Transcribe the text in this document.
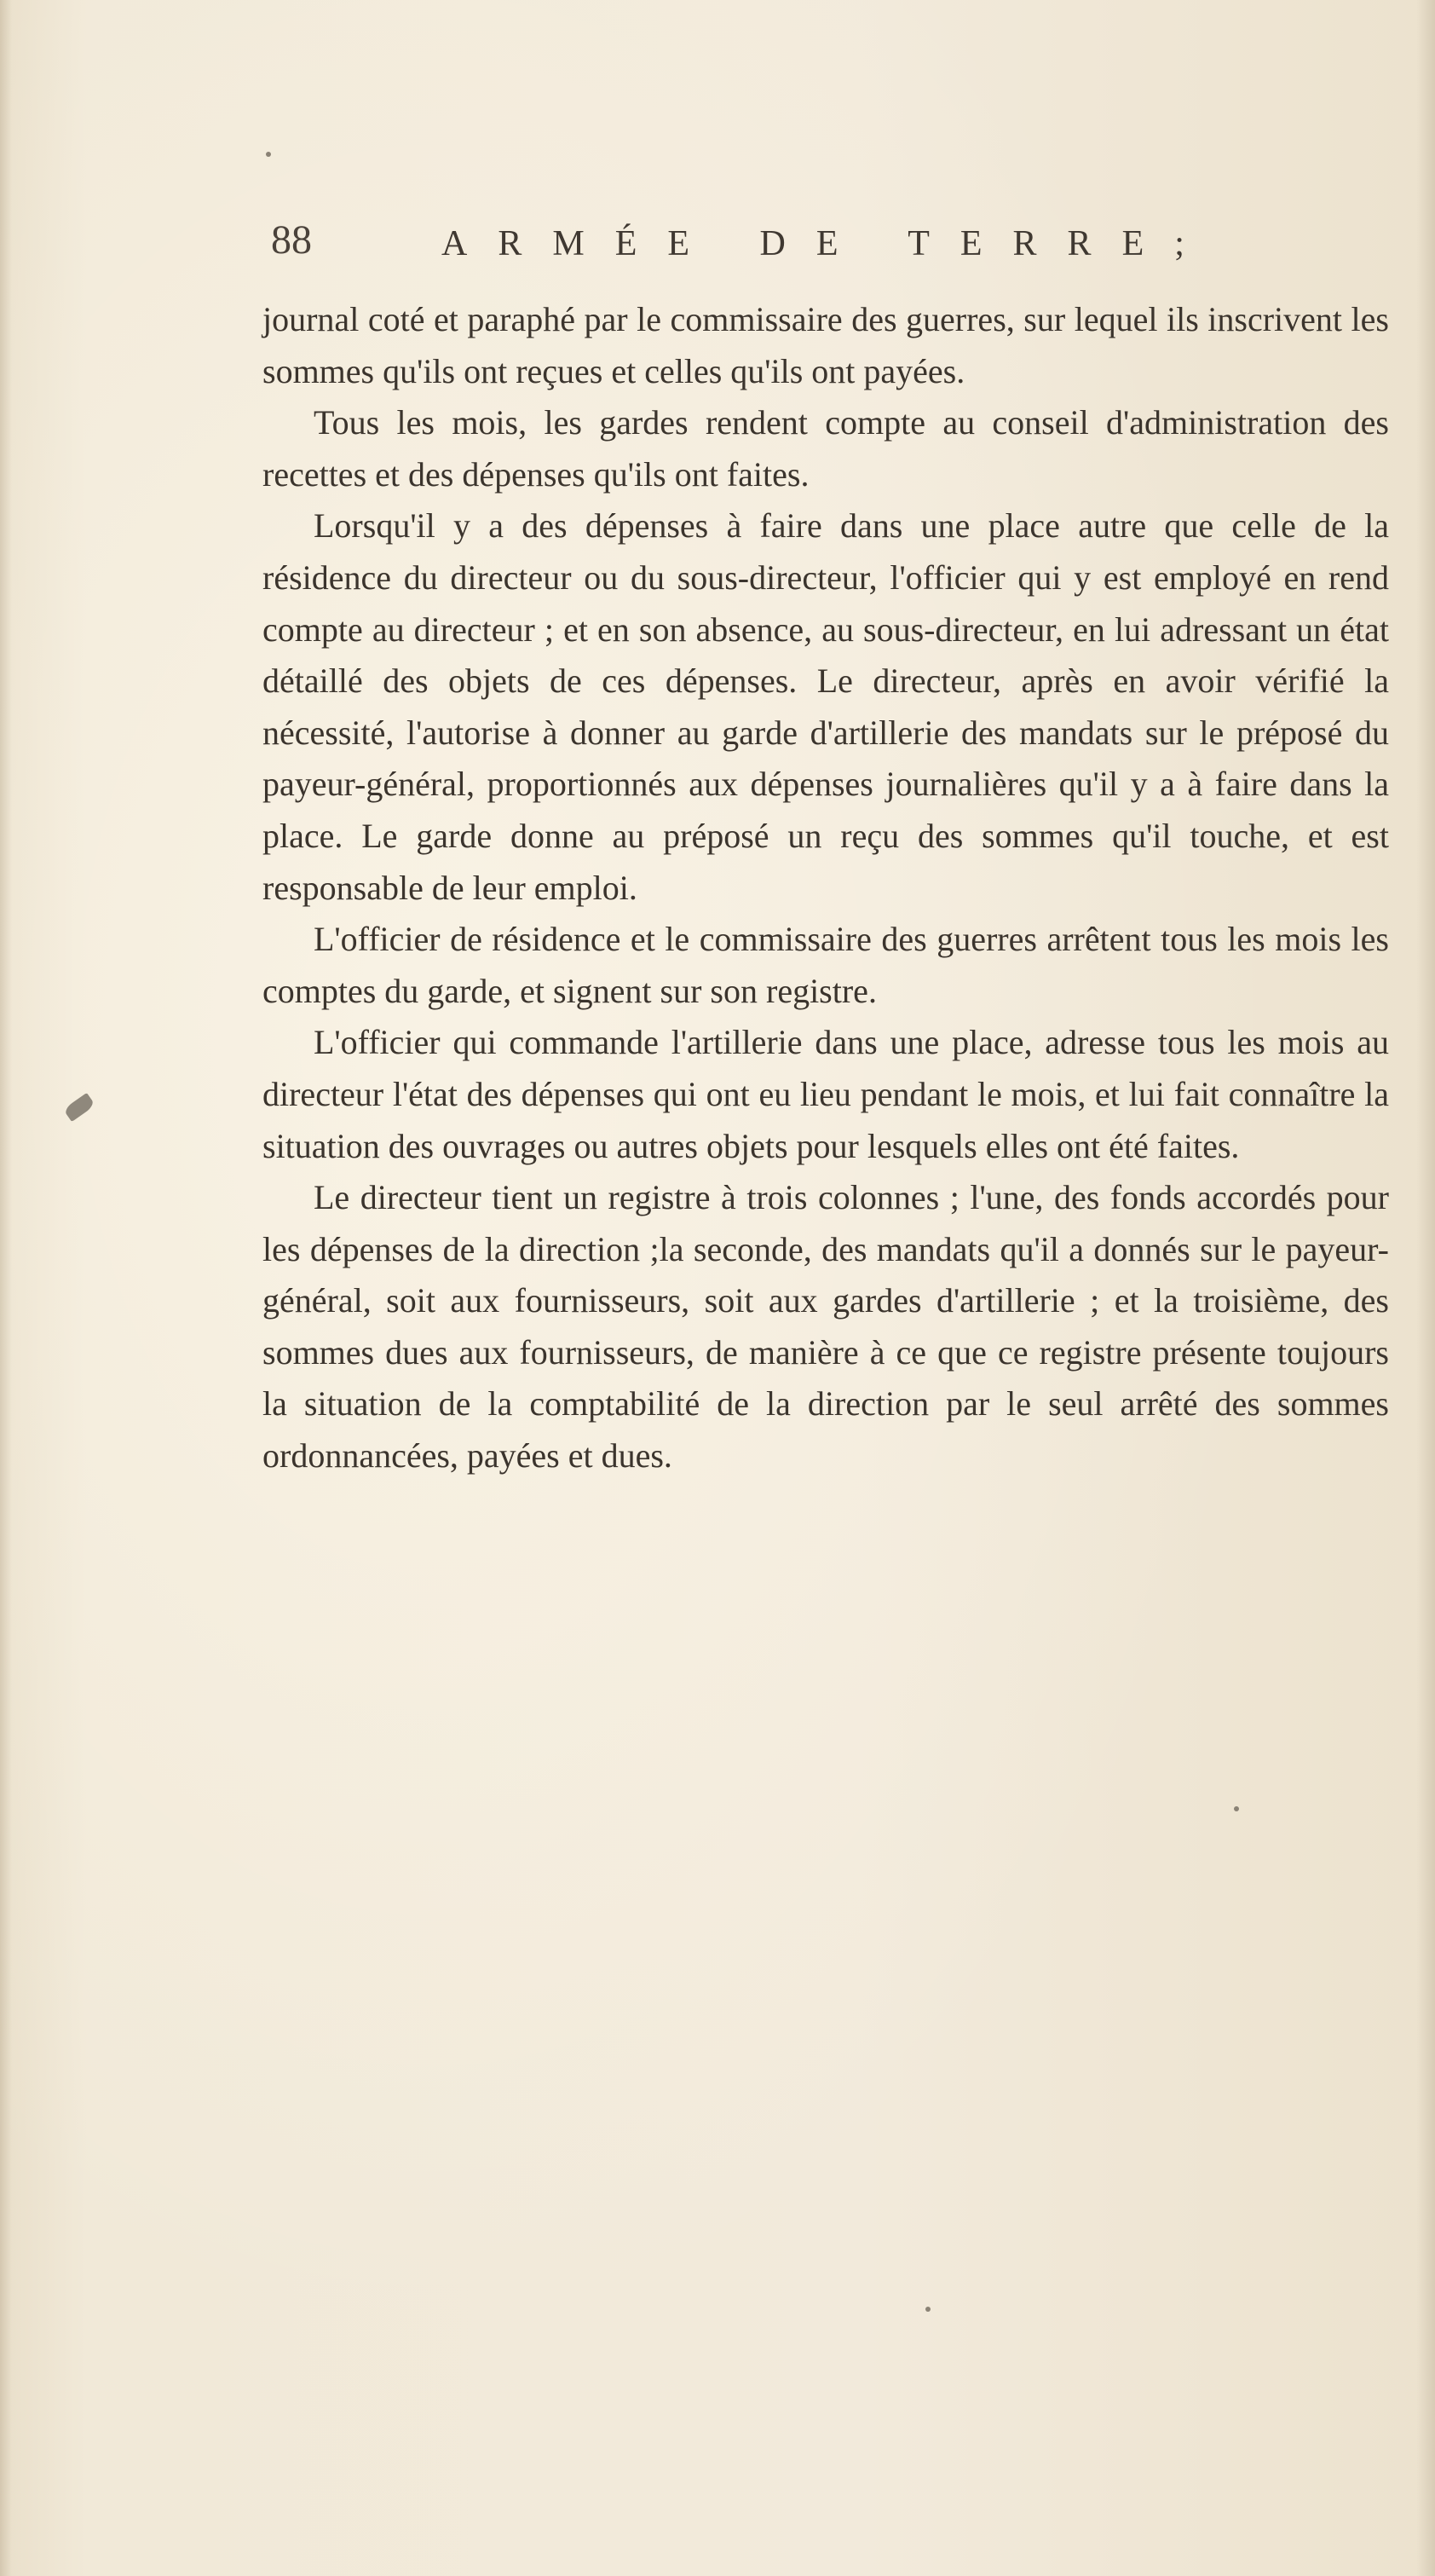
88	ARMÉE DE TERRE;

journal coté et paraphé par le commissaire des guerres, sur lequel ils inscrivent les sommes qu'ils ont reçues et celles qu'ils ont payées.

Tous les mois, les gardes rendent compte au conseil d'administration des recettes et des dépenses qu'ils ont faites.

Lorsqu'il y a des dépenses à faire dans une place autre que celle de la résidence du directeur ou du sous-directeur, l'officier qui y est employé en rend compte au directeur ; et en son absence, au sous-directeur, en lui adressant un état détaillé des objets de ces dépenses. Le directeur, après en avoir vérifié la nécessité, l'autorise à donner au garde d'artillerie des mandats sur le préposé du payeur-général, proportionnés aux dépenses journalières qu'il y a à faire dans la place. Le garde donne au préposé un reçu des sommes qu'il touche, et est responsable de leur emploi.

L'officier de résidence et le commissaire des guerres arrêtent tous les mois les comptes du garde, et signent sur son registre.

L'officier qui commande l'artillerie dans une place, adresse tous les mois au directeur l'état des dépenses qui ont eu lieu pendant le mois, et lui fait connaître la situation des ouvrages ou autres objets pour lesquels elles ont été faites.

Le directeur tient un registre à trois colonnes ; l'une, des fonds accordés pour les dépenses de la direction ;la seconde, des mandats qu'il a donnés sur le payeur-général, soit aux fournisseurs, soit aux gardes d'artillerie ; et la troisième, des sommes dues aux fournisseurs, de manière à ce que ce registre présente toujours la situation de la comptabilité de la direction par le seul arrêté des sommes ordonnancées, payées et dues.
